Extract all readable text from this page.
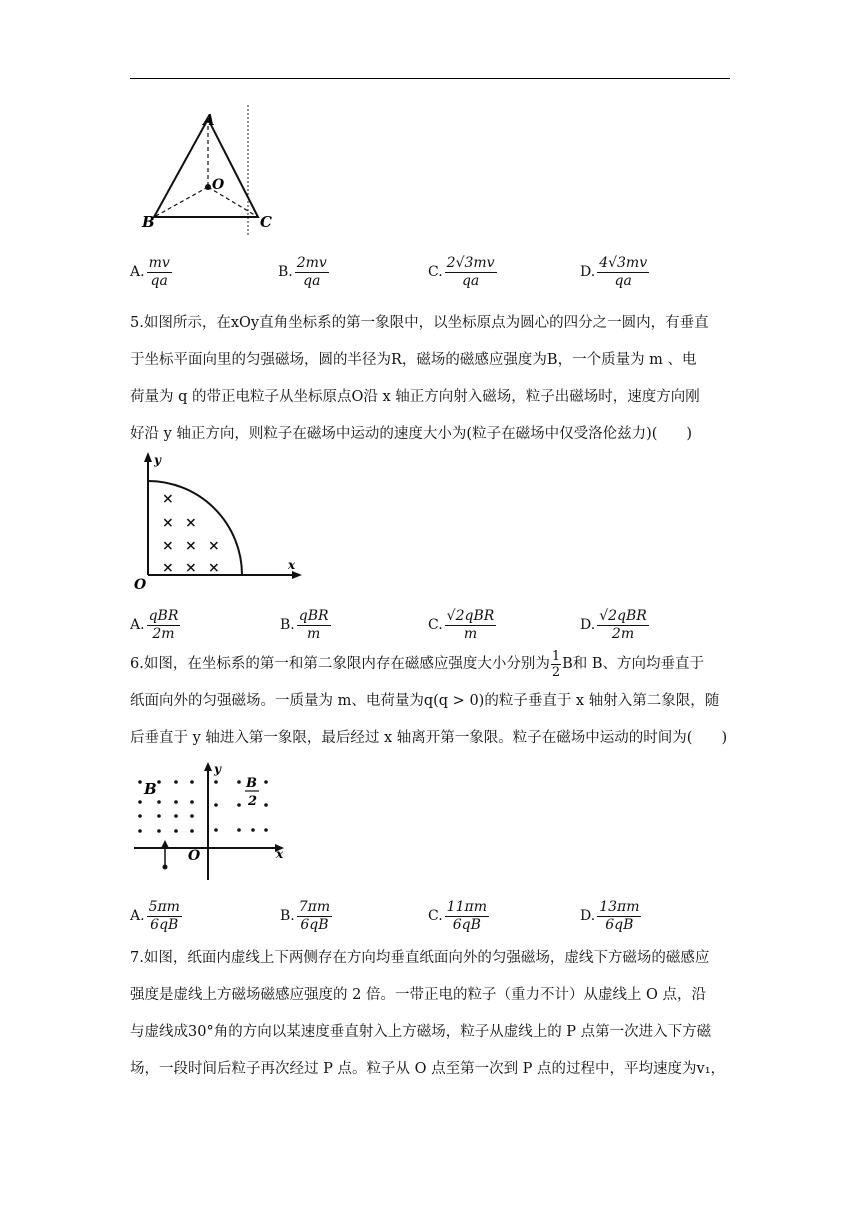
A
O
B	C
A. $\frac{mv}{qa}$	B. $\frac{2mv}{qa}$	C. $\frac{2√3mv}{qa}$	D. $\frac{4√3mv}{qa}$
5.如图所示，在xOy直角坐标系的第一象限中，以坐标原点为圆心的四分之一圆内，有垂直
于坐标平面向里的匀强磁场，圆的半径为R，磁场的磁感应强度为B，一个质量为 m 、电
荷量为 q 的带正电粒子从坐标原点O沿 x 轴正方向射入磁场，粒子出磁场时，速度方向刚
好沿 y 轴正方向，则粒子在磁场中运动的速度大小为(粒子在磁场中仅受洛伦兹力)(　　)
y
x
O
×
× ×
× × ×
× × ×
A. $\frac{\text{qBR}}{2m}$	B. $\frac{\text{qBR}}{m}$	C. $\frac{\text{√2qBR}}{m}$	D. $\frac{\text{√2qBR}}{2m}$
6.如图，在坐标系的第一和第二象限内存在磁感应强度大小分别为 $\frac{1}{2}$ B和 B、方向均垂直于
纸面向外的匀强磁场。一质量为 m、电荷量为q(q > 0)的粒子垂直于 x 轴射入第二象限，随
后垂直于 y 轴进入第一象限，最后经过 x 轴离开第一象限。粒子在磁场中运动的时间为(　　)
y
x
O
B	B
2
A. $\frac{5\pi m}{6qB}$	B. $\frac{7\pi m}{6qB}$	C. $\frac{11\pi m}{6qB}$	D. $\frac{13\pi m}{6qB}$
7.如图，纸面内虚线上下两侧存在方向均垂直纸面向外的匀强磁场，虚线下方磁场的磁感应
强度是虚线上方磁场磁感应强度的 2 倍。一带正电的粒子（重力不计）从虚线上 O 点，沿
与虚线成30°角的方向以某速度垂直射入上方磁场，粒子从虚线上的 P 点第一次进入下方磁
场，一段时间后粒子再次经过 P 点。粒子从 O 点至第一次到 P 点的过程中，平均速度为v₁，
